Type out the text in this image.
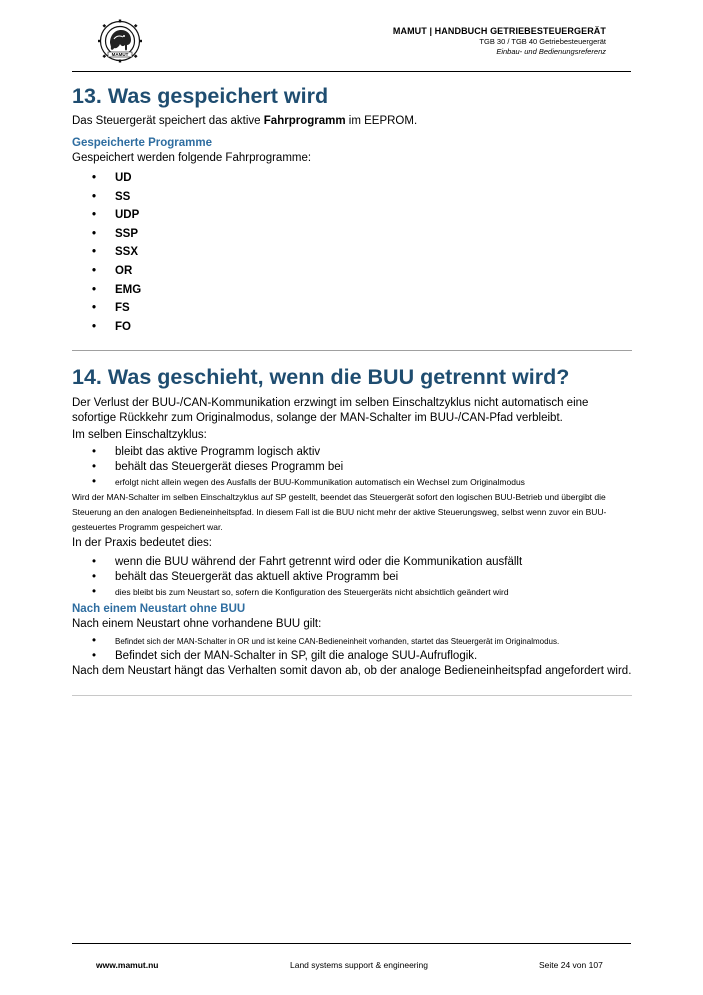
MAMUT
MAMUT | HANDBUCH GETRIEBESTEUERGERÄT
TGB 30 / TGB 40 Getriebesteuergerät
Einbau- und Bedienungsreferenz
13. Was gespeichert wird

Das Steuergerät speichert das aktive Fahrprogramm im EEPROM.

Gespeicherte Programme

Gespeichert werden folgende Fahrprogramme:

• UD
• SS
• UDP
• SSP
• SSX
• OR
• EMG
• FS
• FO
14. Was geschieht, wenn die BUU getrennt wird?

Der Verlust der BUU-/CAN-Kommunikation erzwingt im selben Einschaltzyklus nicht automatisch eine sofortige Rückkehr zum Originalmodus, solange der MAN-Schalter im BUU-/CAN-Pfad verbleibt.

Im selben Einschaltzyklus:

• bleibt das aktive Programm logisch aktiv
• behält das Steuergerät dieses Programm bei
• erfolgt nicht allein wegen des Ausfalls der BUU-Kommunikation automatisch ein Wechsel zum Originalmodus

Wird der MAN-Schalter im selben Einschaltzyklus auf SP gestellt, beendet das Steuergerät sofort den logischen BUU-Betrieb und übergibt die Steuerung an den analogen Bedieneinheitspfad. In diesem Fall ist die BUU nicht mehr der aktive Steuerungsweg, selbst wenn zuvor ein BUU-gesteuertes Programm gespeichert war.

In der Praxis bedeutet dies:

• wenn die BUU während der Fahrt getrennt wird oder die Kommunikation ausfällt
• behält das Steuergerät das aktuell aktive Programm bei
• dies bleibt bis zum Neustart so, sofern die Konfiguration des Steuergeräts nicht absichtlich geändert wird
Nach einem Neustart ohne BUU

Nach einem Neustart ohne vorhandene BUU gilt:

• Befindet sich der MAN-Schalter in OR und ist keine CAN-Bedieneinheit vorhanden, startet das Steuergerät im Originalmodus.
• Befindet sich der MAN-Schalter in SP, gilt die analoge SUU-Aufruflogik.

Nach dem Neustart hängt das Verhalten somit davon ab, ob der analoge Bedieneinheitspfad angefordert wird.

www.mamut.nu	Land systems support & engineering	Seite 24 von 107
